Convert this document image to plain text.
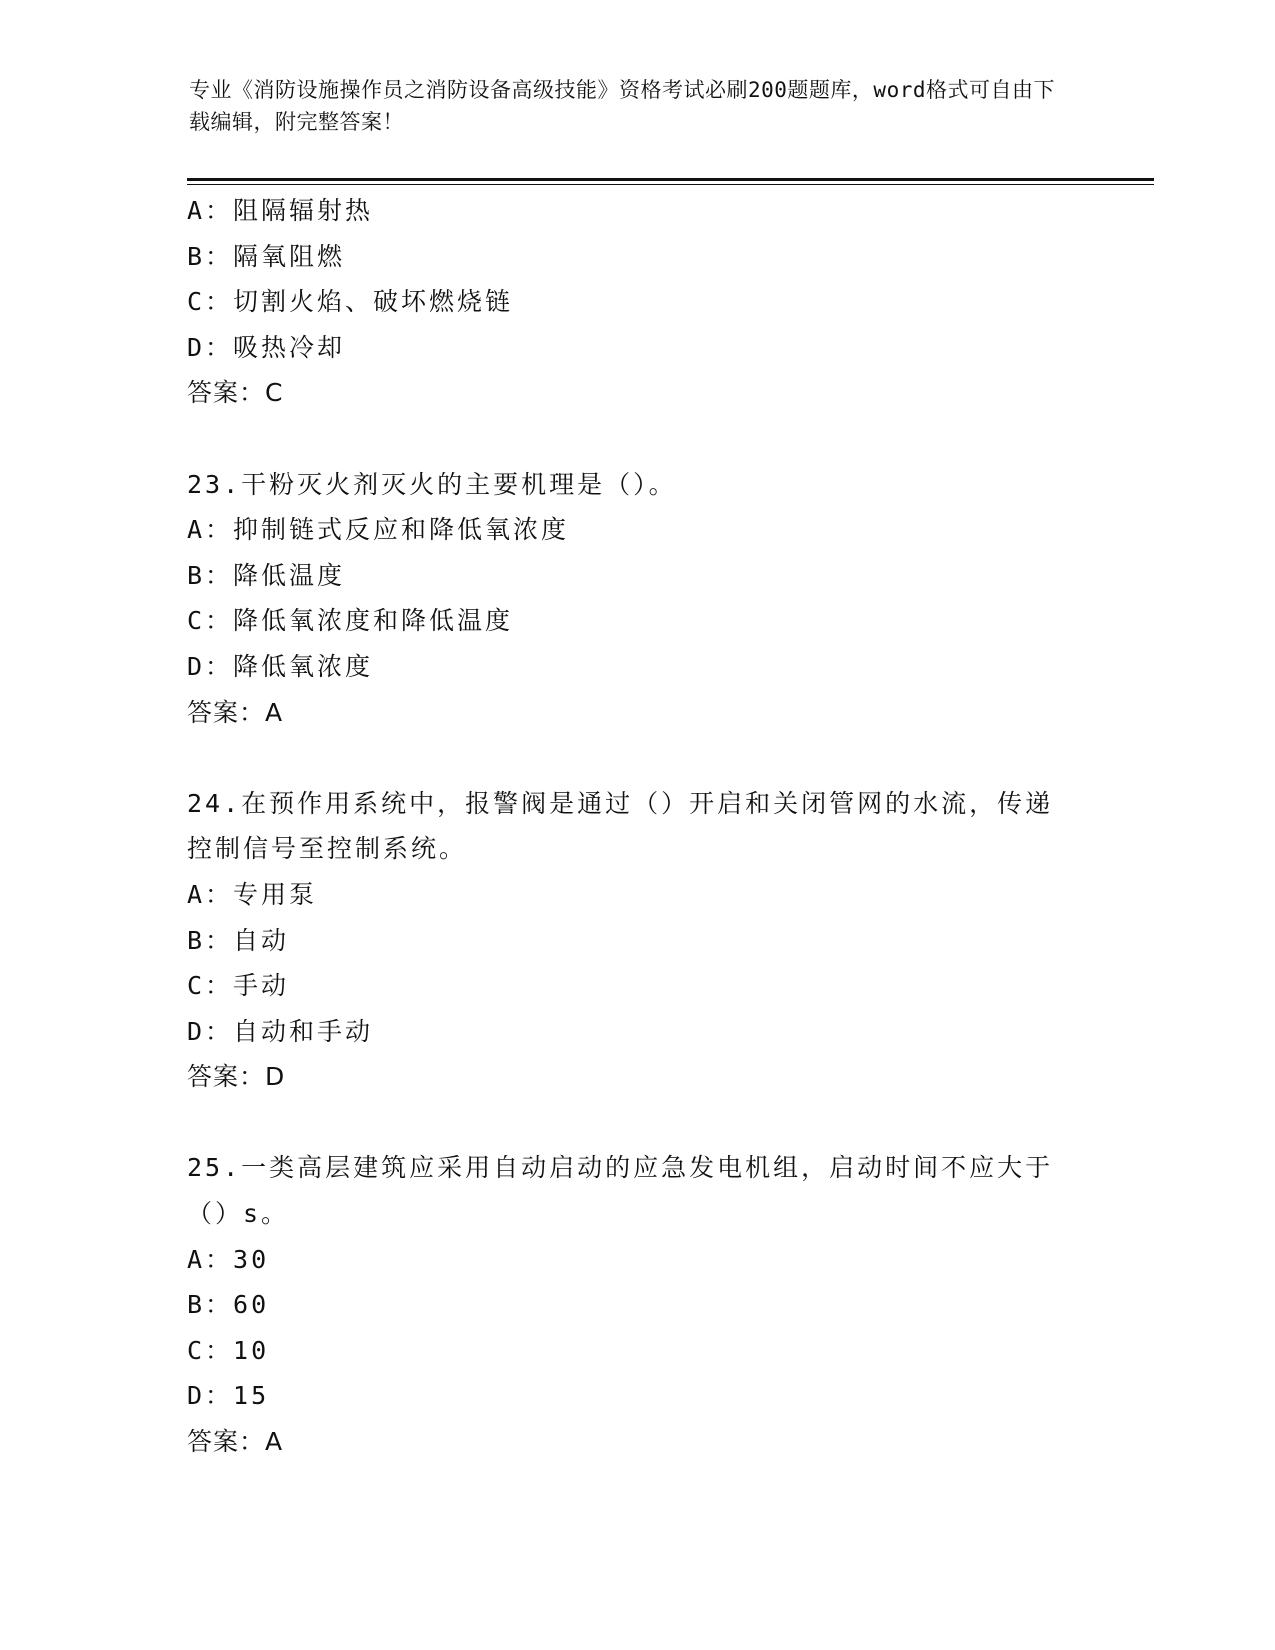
专业《消防设施操作员之消防设备高级技能》资格考试必刷200题题库，word格式可自由下载编辑，附完整答案！
A：阻隔辐射热
B：隔氧阻燃
C：切割火焰、破坏燃烧链
D：吸热冷却
答案：C
23.干粉灭火剂灭火的主要机理是（）。
A：抑制链式反应和降低氧浓度
B：降低温度
C：降低氧浓度和降低温度
D：降低氧浓度
答案：A
24.在预作用系统中，报警阀是通过（）开启和关闭管网的水流，传递控制信号至控制系统。
A：专用泵
B：自动
C：手动
D：自动和手动
答案：D
25.一类高层建筑应采用自动启动的应急发电机组，启动时间不应大于（）s。
A：30
B：60
C：10
D：15
答案：A
